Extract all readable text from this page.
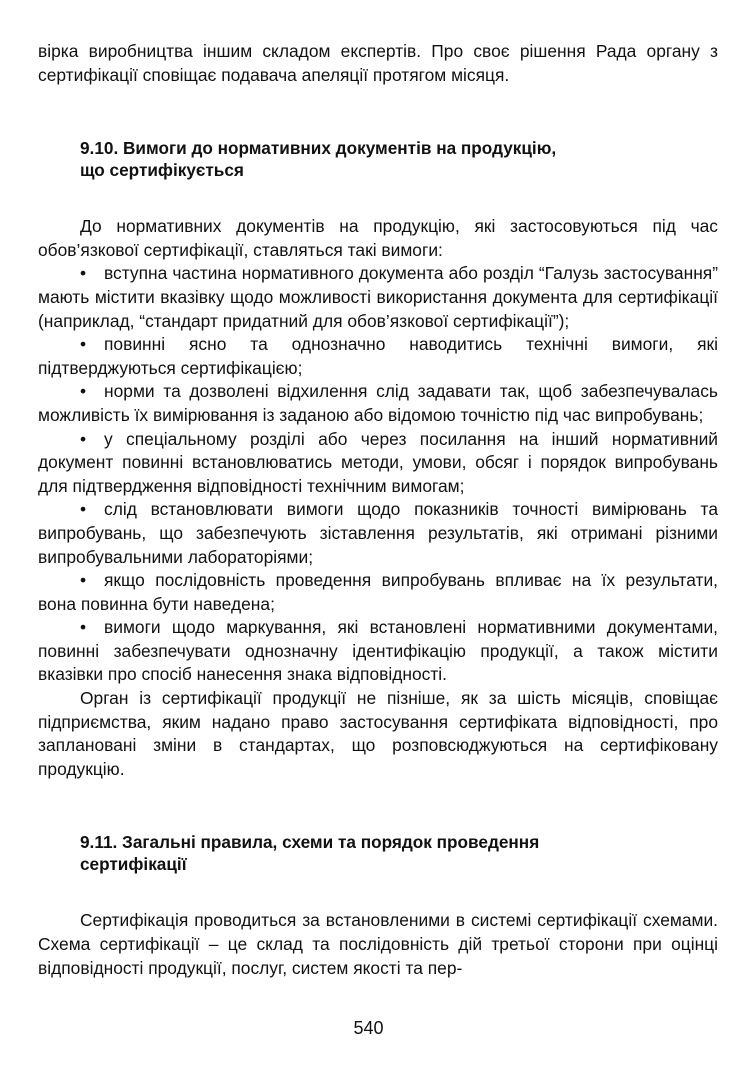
вірка виробництва іншим складом експертів. Про своє рішення Рада органу з сертифікації сповіщає подавача апеляції протягом місяця.

9.10. Вимоги до нормативних документів на продукцію,

що сертифікується

До нормативних документів на продукцію, які застосовуються під час обов’язкової сертифікації, ставляться такі вимоги:

• вступна частина нормативного документа або розділ “Галузь застосування” мають містити вказівку щодо можливості використання документа для сертифікації (наприклад, “стандарт придатний для обов’язкової сертифікації”);

• повинні ясно та однозначно наводитись технічні вимоги, які підтверджуються сертифікацією;

• норми та дозволені відхилення слід задавати так, щоб забезпечувалась можливість їх вимірювання із заданою або відомою точністю під час випробувань;

• у спеціальному розділі або через посилання на інший нормативний документ повинні встановлюватись методи, умови, обсяг і порядок випробувань для підтвердження відповідності технічним вимогам;

• слід встановлювати вимоги щодо показників точності вимірювань та випробувань, що забезпечують зіставлення результатів, які отримані різними випробувальними лабораторіями;

• якщо послідовність проведення випробувань впливає на їх результати, вона повинна бути наведена;

• вимоги щодо маркування, які встановлені нормативними документами, повинні забезпечувати однозначну ідентифікацію продукції, а також містити вказівки про спосіб нанесення знака відповідності.

Орган із сертифікації продукції не пізніше, як за шість місяців, сповіщає підприємства, яким надано право застосування сертифіката відповідності, про заплановані зміни в стандартах, що розповсюджуються на сертифіковану продукцію.

9.11. Загальні правила, схеми та порядок проведення

сертифікації

Сертифікація проводиться за встановленими в системі сертифікації схемами. Схема сертифікації – це склад та послідовність дій третьої сторони при оцінці відповідності продукції, послуг, систем якості та пер-

540
